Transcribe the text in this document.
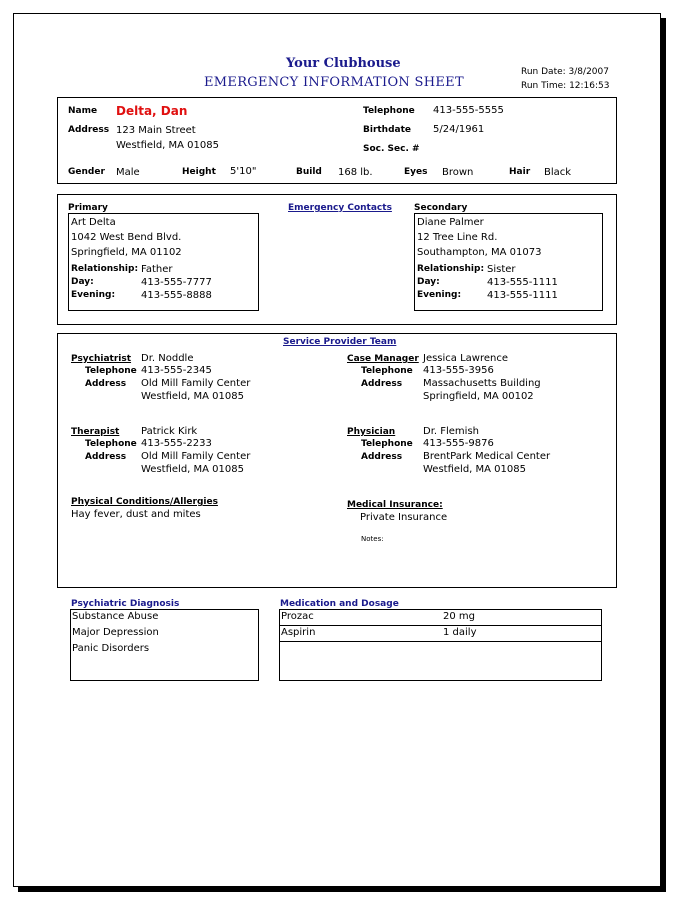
Your Clubhouse
EMERGENCY INFORMATION SHEET
Run Date: 3/8/2007
Run Time: 12:16:53
Name Delta, Dan
Address 123 Main Street
Westfield, MA 01085
Telephone 413-555-5555
Birthdate 5/24/1961
Soc. Sec. #
Gender Male	Height 5'10"	Build 168 lb.	Eyes Brown	Hair Black
Primary	Emergency Contacts Secondary
Art Delta
1042 West Bend Blvd.
Springfield, MA 01102
Relationship: Father
Day:	413-555-7777
Evening:	413-555-8888
Diane Palmer
12 Tree Line Rd.
Southampton, MA 01073
Relationship: Sister
Day:	413-555-1111
Evening:	413-555-1111
Service Provider Team
Psychiatrist Dr. Noddle
Telephone 413-555-2345
Address Old Mill Family Center
Westfield, MA 01085
Case Manager Jessica Lawrence
Telephone 413-555-3956
Address Massachusetts Building
Springfield, MA 00102
Therapist Patrick Kirk
Telephone 413-555-2233
Address Old Mill Family Center
Westfield, MA 01085
Physician	Dr. Flemish
Telephone 413-555-9876
Address BrentPark Medical Center
Westfield, MA 01085
Physical Conditions/Allergies
Hay fever, dust and mites
Medical Insurance:
Private Insurance
Notes:
Psychiatric Diagnosis
Substance Abuse
Major Depression
Panic Disorders
Medication and Dosage
Prozac	20 mg
Aspirin	1 daily
